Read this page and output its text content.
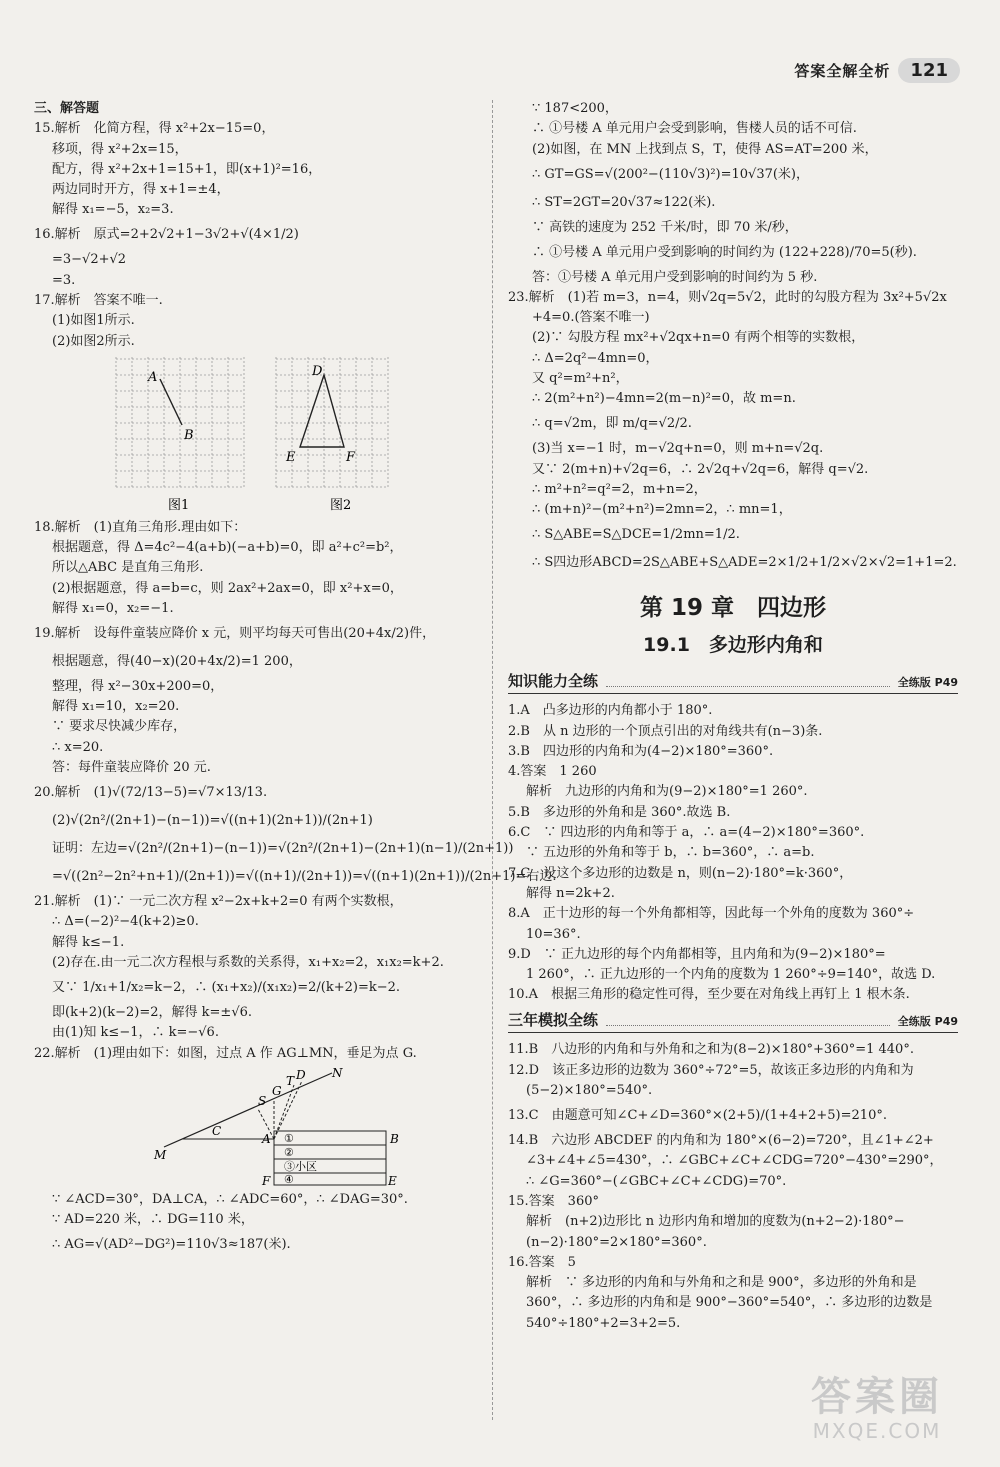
答案全解全析	121
三、解答题
15.解析　化简方程，得 x²+2x−15=0，
移项，得 x²+2x=15，
配方，得 x²+2x+1=15+1，即(x+1)²=16，
两边同时开方，得 x+1=±4，
解得 x₁=−5，x₂=3.
16.解析　原式=2+2√2+1−3√2+√(4×1/2)
=3−√2+√2
=3.
17.解析　答案不唯一.
(1)如图1所示.
(2)如图2所示.
A
B
图1
D
E	F
图2
18.解析　(1)直角三角形.理由如下：
根据题意，得 Δ=4c²−4(a+b)(−a+b)=0，即 a²+c²=b²，
所以△ABC 是直角三角形.
(2)根据题意，得 a=b=c，则 2ax²+2ax=0，即 x²+x=0，
解得 x₁=0，x₂=−1.
19.解析　设每件童装应降价 x 元，则平均每天可售出(20+4x/2)件，
根据题意，得(40−x)(20+4x/2)=1 200，
整理，得 x²−30x+200=0，
解得 x₁=10，x₂=20.
∵ 要求尽快减少库存，
∴ x=20.
答：每件童装应降价 20 元.
20.解析　(1)√(72/13−5)=√7×13/13.
(2)√(2n²/(2n+1)−(n−1))=√((n+1)(2n+1))/(2n+1)
证明：左边=√(2n²/(2n+1)−(n−1))=√(2n²/(2n+1)−(2n+1)(n−1)/(2n+1))
=√((2n²−2n²+n+1)/(2n+1))=√((n+1)/(2n+1))=√((n+1)(2n+1))/(2n+1)=右边.
21.解析　(1)∵ 一元二次方程 x²−2x+k+2=0 有两个实数根，
∴ Δ=(−2)²−4(k+2)≥0.
解得 k≤−1.
(2)存在.由一元二次方程根与系数的关系得，x₁+x₂=2，x₁x₂=k+2.
又∵ 1/x₁+1/x₂=k−2，∴ (x₁+x₂)/(x₁x₂)=2/(k+2)=k−2.
即(k+2)(k−2)=2，解得 k=±√6.
由(1)知 k≤−1，∴ k=−√6.
22.解析　(1)理由如下：如图，过点 A 作 AG⊥MN，垂足为点 G.
N
T D
G
S
C
M
A	B
F	E
①
②
③小区
④
∵ ∠ACD=30°，DA⊥CA，∴ ∠ADC=60°，∴ ∠DAG=30°.
∵ AD=220 米，∴ DG=110 米，
∴ AG=√(AD²−DG²)=110√3≈187(米).
∵ 187<200，
∴ ①号楼 A 单元用户会受到影响，售楼人员的话不可信.
(2)如图，在 MN 上找到点 S，T，使得 AS=AT=200 米，
∴ GT=GS=√(200²−(110√3)²)=10√37(米)，
∴ ST=2GT=20√37≈122(米).
∵ 高铁的速度为 252 千米/时，即 70 米/秒，
∴ ①号楼 A 单元用户受到影响的时间约为 (122+228)/70=5(秒).
答：①号楼 A 单元用户受到影响的时间约为 5 秒.
23.解析　(1)若 m=3，n=4，则√2q=5√2，此时的勾股方程为 3x²+5√2x
+4=0.(答案不唯一)
(2)∵ 勾股方程 mx²+√2qx+n=0 有两个相等的实数根，
∴ Δ=2q²−4mn=0，
又 q²=m²+n²，
∴ 2(m²+n²)−4mn=2(m−n)²=0，故 m=n.
∴ q=√2m，即 m/q=√2/2.
(3)当 x=−1 时，m−√2q+n=0，则 m+n=√2q.
又∵ 2(m+n)+√2q=6，∴ 2√2q+√2q=6，解得 q=√2.
∴ m²+n²=q²=2，m+n=2，
∴ (m+n)²−(m²+n²)=2mn=2，∴ mn=1，
∴ S△ABE=S△DCE=1/2mn=1/2.
∴ S四边形ABCD=2S△ABE+S△ADE=2×1/2+1/2×√2×√2=1+1=2.
第 19 章　四边形
19.1　多边形内角和
知识能力全练	全练版 P49
1.A　凸多边形的内角都小于 180°.
2.B　从 n 边形的一个顶点引出的对角线共有(n−3)条.
3.B　四边形的内角和为(4−2)×180°=360°.
4.答案　1 260
解析　九边形的内角和为(9−2)×180°=1 260°.
5.B　多边形的外角和是 360°.故选 B.
6.C　∵ 四边形的内角和等于 a，∴ a=(4−2)×180°=360°.
∵ 五边形的外角和等于 b，∴ b=360°，∴ a=b.
7.C　设这个多边形的边数是 n，则(n−2)·180°=k·360°，
解得 n=2k+2.
8.A　正十边形的每一个外角都相等，因此每一个外角的度数为 360°÷
10=36°.
9.D　∵ 正九边形的每个内角都相等，且内角和为(9−2)×180°=
1 260°，∴ 正九边形的一个内角的度数为 1 260°÷9=140°，故选 D.
10.A　根据三角形的稳定性可得，至少要在对角线上再钉上 1 根木条.
三年模拟全练	全练版 P49
11.B　八边形的内角和与外角和之和为(8−2)×180°+360°=1 440°.
12.D　该正多边形的边数为 360°÷72°=5，故该正多边形的内角和为
(5−2)×180°=540°.
13.C　由题意可知∠C+∠D=360°×(2+5)/(1+4+2+5)=210°.
14.B　六边形 ABCDEF 的内角和为 180°×(6−2)=720°，且∠1+∠2+
∠3+∠4+∠5=430°，∴ ∠GBC+∠C+∠CDG=720°−430°=290°，
∴ ∠G=360°−(∠GBC+∠C+∠CDG)=70°.
15.答案　360°
解析　(n+2)边形比 n 边形内角和增加的度数为(n+2−2)·180°−
(n−2)·180°=2×180°=360°.
16.答案　5
解析　∵ 多边形的内角和与外角和之和是 900°，多边形的外角和是
360°，∴ 多边形的内角和是 900°−360°=540°，∴ 多边形的边数是
540°÷180°+2=3+2=5.
答案圈
MXQE.COM
